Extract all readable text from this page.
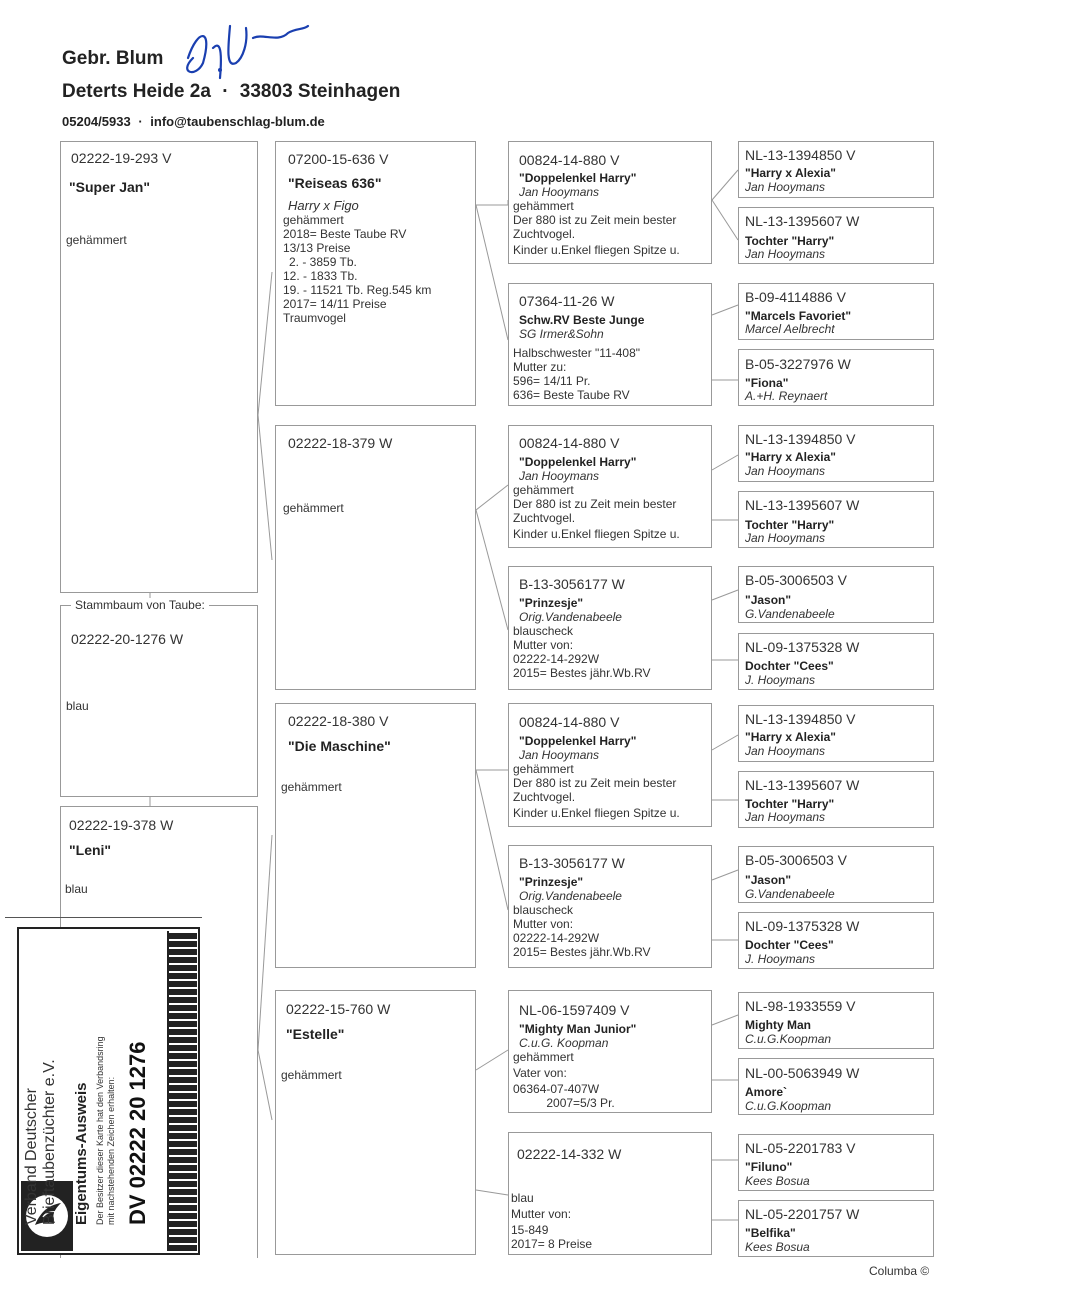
Gebr. Blum
Deterts Heide 2a · 33803 Steinhagen
05204/5933 · info@taubenschlag-blum.de
02222-19-293 V
"Super Jan"
gehämmert
Stammbaum von Taube:
02222-20-1276 W
blau
02222-19-378 W
"Leni"
blau
07200-15-636 V
"Reiseas 636"
Harry x Figo
gehämmert
2018= Beste Taube RV
13/13 Preise
2. - 3859 Tb.
12. - 1833 Tb.
19. - 11521 Tb. Reg.545 km
2017= 14/11 Preise
Traumvogel
02222-18-379 W
gehämmert
02222-18-380 V
"Die Maschine"
gehämmert
02222-15-760 W
"Estelle"
gehämmert
00824-14-880 V
"Doppelenkel Harry"
Jan Hooymans
gehämmert
Der 880 ist zu Zeit mein bester
Zuchtvogel.
Kinder u.Enkel fliegen Spitze u.
07364-11-26 W
Schw.RV Beste Junge
SG Irmer&Sohn
Halbschwester "11-408"
Mutter zu:
596= 14/11 Pr.
636= Beste Taube RV
00824-14-880 V
"Doppelenkel Harry"
Jan Hooymans
gehämmert
Der 880 ist zu Zeit mein bester
Zuchtvogel.
Kinder u.Enkel fliegen Spitze u.
B-13-3056177 W
"Prinzesje"
Orig.Vandenabeele
blauscheck
Mutter von:
02222-14-292W
2015= Bestes jähr.Wb.RV
00824-14-880 V
"Doppelenkel Harry"
Jan Hooymans
gehämmert
Der 880 ist zu Zeit mein bester
Zuchtvogel.
Kinder u.Enkel fliegen Spitze u.
B-13-3056177 W
"Prinzesje"
Orig.Vandenabeele
blauscheck
Mutter von:
02222-14-292W
2015= Bestes jähr.Wb.RV
NL-06-1597409 V
"Mighty Man Junior"
C.u.G. Koopman
gehämmert
Vater von:
06364-07-407W
2007=5/3 Pr.
02222-14-332 W
blau
Mutter von:
15-849
2017= 8 Preise
NL-13-1394850 V
"Harry x Alexia"
Jan Hooymans
NL-13-1395607 W
Tochter "Harry"
Jan Hooymans
B-09-4114886 V
"Marcels Favoriet"
Marcel Aelbrecht
B-05-3227976 W
"Fiona"
A.+H. Reynaert
NL-13-1394850 V
"Harry x Alexia"
Jan Hooymans
NL-13-1395607 W
Tochter "Harry"
Jan Hooymans
B-05-3006503 V
"Jason"
G.Vandenabeele
NL-09-1375328 W
Dochter "Cees"
J. Hooymans
NL-13-1394850 V
"Harry x Alexia"
Jan Hooymans
NL-13-1395607 W
Tochter "Harry"
Jan Hooymans
B-05-3006503 V
"Jason"
G.Vandenabeele
NL-09-1375328 W
Dochter "Cees"
J. Hooymans
NL-98-1933559 V
Mighty Man
C.u.G.Koopman
NL-00-5063949 W
Amore`
C.u.G.Koopman
NL-05-2201783 V
"Filuno"
Kees Bosua
NL-05-2201757 W
"Belfika"
Kees Bosua
Verband Deutscher Brieftaubenzüchter e.V. Eigentums-Ausweis Der Besitzer dieser Karte hat den Verbandsring mit nachstehenden Zeichen erhalten: DV 02222 20 1276
Columba ©
